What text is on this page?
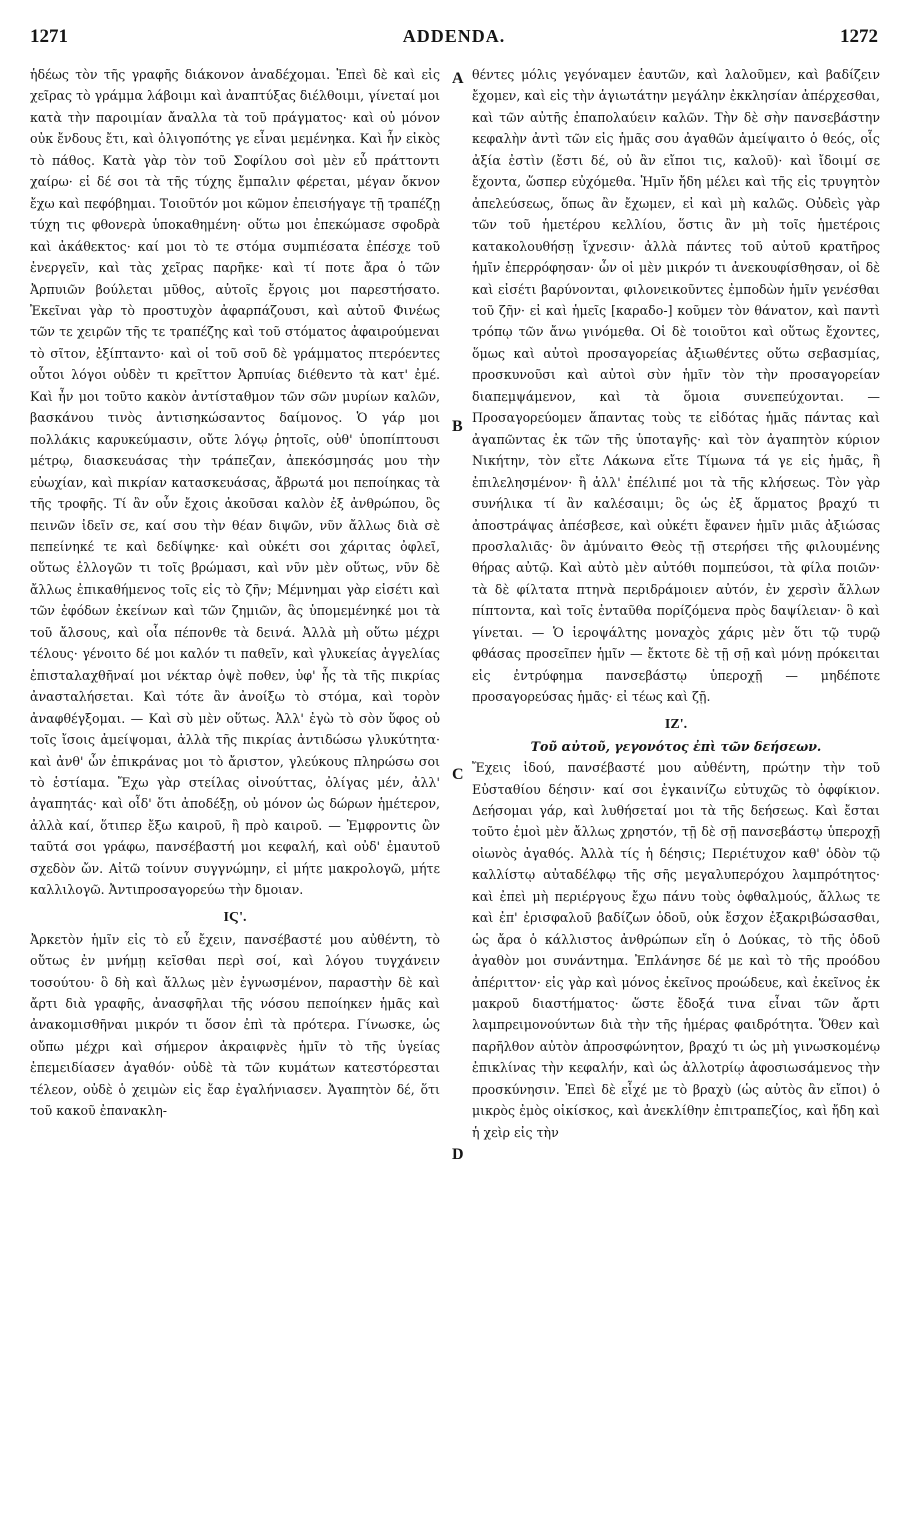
1271	ADDENDA.	1272

ἡδέως τὸν τῆς γραφῆς διάκονον ἀναδέχομαι. Ἐπεὶ δὲ καὶ εἰς χεῖρας τὸ γράμμα λάβοιμι καὶ ἀναπτύξας διέλθοιμι, γίνεταί μοι κατὰ τὴν παροιμίαν ἄναλλα τὰ τοῦ πράγματος· καὶ οὐ μόνον οὐκ ἔνδους ἔτι, καὶ ὀλιγοπότης γε εἶναι μεμένηκα. Καὶ ἦν εἰκὸς τὸ πάθος. Κατὰ γὰρ τὸν τοῦ Σοφίλου σοὶ μὲν εὖ πράττοντι χαίρω· εἰ δέ σοι τὰ τῆς τύχης ἔμπαλιν φέρεται, μέγαν ὄκνον ἔχω καὶ πεφόβημαι. Τοιοῦτόν μοι κῶμον ἐπεισήγαγε τῇ τραπέζῃ τύχη τις φθονερὰ ὑποκαθημένη· οὕτω μοι ἐπεκώμασε σφοδρὰ καὶ ἀκάθεκτος· καί μοι τὸ τε στόμα συμπιέσατα ἐπέσχε τοῦ ἐνεργεῖν, καὶ τὰς χεῖρας παρῆκε· καὶ τί ποτε ἄρα ὁ τῶν Ἀρπυιῶν βούλεται μῦθος, αὐτοῖς ἔργοις μοι παρεστήσατο. Ἐκεῖναι γὰρ τὸ προστυχὸν ἀφαρπάζουσι, καὶ αὐτοῦ Φινέως τῶν τε χειρῶν τῆς τε τραπέζης καὶ τοῦ στόματος ἀφαιρούμεναι τὸ σῖτον, ἐξίπταντο· καὶ οἱ τοῦ σοῦ δὲ γράμματος πτερόεντες οὗτοι λόγοι οὐδὲν τι κρεῖττον Ἀρπυίας διέθεντο τὰ κατ' ἐμέ. Καὶ ἦν μοι τοῦτο κακὸν ἀντίσταθμον τῶν σῶν μυρίων καλῶν, βασκάνου τινὸς ἀντισηκώσαντος δαίμονος. Ὁ γάρ μοι πολλάκις καρυκεύμασιν, οὔτε λόγῳ ῥητοῖς, οὐθ' ὑποπίπτουσι μέτρῳ, διασκευάσας τὴν τράπεζαν, ἀπεκόσμησάς μου τὴν εὐωχίαν, καὶ πικρίαν κατασκευάσας, ἄβρωτά μοι πεποίηκας τὰ τῆς τροφῆς. Τί ἂν οὖν ἔχοις ἀκοῦσαι καλὸν ἐξ ἀνθρώπου, ὃς πεινῶν ἰδεῖν σε, καί σου τὴν θέαν διψῶν, νῦν ἄλλως διὰ σὲ πεπείνηκέ τε καὶ δεδίψηκε· καὶ οὐκέτι σοι χάριτας ὀφλεῖ, οὕτως ἐλλογῶν τι τοῖς βρώμασι, καὶ νῦν μὲν οὕτως, νῦν δὲ ἄλλως ἐπικαθήμενος τοῖς εἰς τὸ ζῆν; Μέμνημαι γὰρ εἰσέτι καὶ τῶν ἐφόδων ἐκείνων καὶ τῶν ζημιῶν, ἃς ὑπομεμένηκέ μοι τὰ τοῦ ἄλσους, καὶ οἷα πέπονθε τὰ δεινά. Ἀλλὰ μὴ οὕτω μέχρι τέλους· γένοιτο δέ μοι καλόν τι παθεῖν, καὶ γλυκείας ἀγγελίας ἐπισταλαχθῆναί μοι νέκταρ ὀψὲ ποθεν, ὑφ' ἧς τὰ τῆς πικρίας ἀνασταλήσεται. Καὶ τότε ἂν ἀνοίξω τὸ στόμα, καὶ τορὸν ἀναφθέγξομαι. — Καὶ σὺ μὲν οὕτως. Ἀλλ' ἐγὼ τὸ σὸν ὕφος οὐ τοῖς ἴσοις ἀμείψομαι, ἀλλὰ τῆς πικρίας ἀντιδώσω γλυκύτητα· καὶ ἀνθ' ὧν ἐπικράνας μοι τὸ ἄριστον, γλεύκους πληρώσω σοι τὸ ἑστίαμα. Ἔχω γὰρ στείλας οἰνούττας, ὀλίγας μέν, ἀλλ' ἀγαπητάς· καὶ οἶδ' ὅτι ἀποδέξῃ, οὐ μόνον ὡς δώρων ἡμέτερον, ἀλλὰ καί, ὅτιπερ ἔξω καιροῦ, ἢ πρὸ καιροῦ. — Ἐμφροντις ὢν ταῦτά σοι γράφω, πανσέβαστή μοι κεφαλή, καὶ οὐδ' ἐμαυτοῦ σχεδὸν ὤν. Αἰτῶ τοίνυν συγγνώμην, εἰ μήτε μακρολογῶ, μήτε καλλιλογῶ. Ἀντιπροσαγορεύω τὴν δμοιαν.

ΙϚ'.

Ἀρκετὸν ἡμῖν εἰς τὸ εὖ ἔχειν, πανσέβαστέ μου αὐθέντη, τὸ οὕτως ἐν μνήμῃ κεῖσθαι περὶ σοί, καὶ λόγου τυγχάνειν τοσούτου· ὃ δὴ καὶ ἄλλως μὲν ἐγνωσμένον, παραστὴν δὲ καὶ ἄρτι διὰ γραφῆς, ἀνασφῆλαι τῆς νόσου πεποίηκεν ἡμᾶς καὶ ἀνακομισθῆναι μικρόν τι ὅσον ἐπὶ τὰ πρότερα. Γίνωσκε, ὡς οὔπω μέχρι καὶ σήμερον ἀκραιφνὲς ἡμῖν τὸ τῆς ὑγείας ἐπεμειδίασεν ἀγαθόν· οὐδὲ τὰ τῶν κυμάτων κατεστόρεσται τέλεον, οὐδὲ ὁ χειμὼν εἰς ἔαρ ἐγαλήνιασεν. Ἀγαπητὸν δέ, ὅτι τοῦ κακοῦ ἐπανακλη-

θέντες μόλις γεγόναμεν ἑαυτῶν, καὶ λαλοῦμεν, καὶ βαδίζειν ἔχομεν, καὶ εἰς τὴν ἁγιωτάτην μεγάλην ἐκκλησίαν ἀπέρχεσθαι, καὶ τῶν αὐτῆς ἐπαπολαύειν καλῶν. Τὴν δὲ σὴν πανσεβάστην κεφαλὴν ἀντὶ τῶν εἰς ἡμᾶς σου ἀγαθῶν ἀμείψαιτο ὁ θεός, οἷς ἀξία ἐστὶν (ἔστι δέ, οὐ ἂν εἴποι τις, καλοῦ)· καὶ ἴδοιμί σε ἔχοντα, ὥσπερ εὐχόμεθα. Ἡμῖν ἤδη μέλει καὶ τῆς εἰς τρυγητὸν ἀπελεύσεως, ὅπως ἂν ἔχωμεν, εἰ καὶ μὴ καλῶς. Οὐδεὶς γὰρ τῶν τοῦ ἡμετέρου κελλίου, ὅστις ἂν μὴ τοῖς ἡμετέροις κατακολουθήσῃ ἴχνεσιν· ἀλλὰ πάντες τοῦ αὐτοῦ κρατῆρος ἡμῖν ἐπερρόφησαν· ὧν οἱ μὲν μικρόν τι ἀνεκουφίσθησαν, οἱ δὲ καὶ εἰσέτι βαρύνονται, φιλονεικοῦντες ἐμποδὼν ἡμῖν γενέσθαι τοῦ ζῆν· εἰ καὶ ἡμεῖς [καραδο-] κοῦμεν τὸν θάνατον, καὶ παντὶ τρόπῳ τῶν ἄνω γινόμεθα. Οἱ δὲ τοιοῦτοι καὶ οὕτως ἔχοντες, ὅμως καὶ αὐτοὶ προσαγορείας ἀξιωθέντες οὕτω σεβασμίας, προσκυνοῦσι καὶ αὐτοὶ σὺν ἡμῖν τὸν τὴν προσαγορείαν διαπεμψάμενον, καὶ τὰ ὅμοια συνεπεύχονται. — Προσαγορεύομεν ἅπαντας τοὺς τε εἰδότας ἡμᾶς πάντας καὶ ἀγαπῶντας ἐκ τῶν τῆς ὑποταγῆς· καὶ τὸν ἀγαπητὸν κύριον Νικήτην, τὸν εἴτε Λάκωνα εἴτε Τίμωνα τά γε εἰς ἡμᾶς, ἢ ἐπιλελησμένον· ἢ ἀλλ' ἐπέλιπέ μοι τὰ τῆς κλήσεως. Τὸν γὰρ συνήλικα τί ἂν καλέσαιμι; ὃς ὡς ἐξ ἅρματος βραχύ τι ἀποστράψας ἀπέσβεσε, καὶ οὐκέτι ἔφανεν ἡμῖν μιᾶς ἀξιώσας προσλαλιᾶς· ὃν ἀμύναιτο Θεὸς τῇ στερήσει τῆς φιλουμένης θήρας αὐτῷ. Καὶ αὐτὸ μὲν αὐτόθι πομπεύσοι, τὰ φίλα ποιῶν· τὰ δὲ φίλτατα πτηνὰ περιδράμοιεν αὐτόν, ἐν χερσὶν ἄλλων πίπτοντα, καὶ τοῖς ἐνταῦθα πορίζόμενα πρὸς δαψίλειαν· ὃ καὶ γίνεται. — Ὁ ἱεροψάλτης μοναχὸς χάρις μὲν ὅτι τῷ τυρῷ φθάσας προσεῖπεν ἡμῖν — ἔκτοτε δὲ τῇ σῇ καὶ μόνῃ πρόκειται εἰς ἐντρύφημα πανσεβάστῳ ὑπεροχῇ — μηδέποτε προσαγορεύσας ἡμᾶς· εἰ τέως καὶ ζῇ.

ΙΖ'.

Τοῦ αὐτοῦ, γεγονότος ἐπὶ τῶν δεήσεων.

Ἔχεις ἰδού, πανσέβαστέ μου αὐθέντη, πρώτην τὴν τοῦ Εὐσταθίου δέησιν· καί σοι ἐγκαινίζω εὐτυχῶς τὸ ὀφφίκιον. Δεήσομαι γάρ, καὶ λυθήσεταί μοι τὰ τῆς δεήσεως. Καὶ ἔσται τοῦτο ἐμοὶ μὲν ἄλλως χρηστόν, τῇ δὲ σῇ πανσεβάστῳ ὑπεροχῇ οἰωνὸς ἀγαθός. Ἀλλὰ τίς ἡ δέησις; Περιέτυχον καθ' ὁδὸν τῷ καλλίστῳ αὐταδέλφῳ τῆς σῆς μεγαλυπερόχου λαμπρότητος· καὶ ἐπεὶ μὴ περιέργους ἔχω πάνυ τοὺς ὀφθαλμούς, ἄλλως τε καὶ ἐπ' ἐρισφαλοῦ βαδίζων ὁδοῦ, οὐκ ἔσχον ἐξακριβώσασθαι, ὡς ἄρα ὁ κάλλιστος ἀνθρώπων εἴη ὁ Δούκας, τὸ τῆς ὁδοῦ ἀγαθὸν μοι συνάντημα. Ἐπλάνησε δέ με καὶ τὸ τῆς προόδου ἀπέριττον· εἰς γὰρ καὶ μόνος ἐκεῖνος προώδευε, καὶ ἐκεῖνος ἐκ μακροῦ διαστήματος· ὥστε ἔδοξά τινα εἶναι τῶν ἄρτι λαμπρειμονούντων διὰ τὴν τῆς ἡμέρας φαιδρότητα. Ὅθεν καὶ παρῆλθον αὐτὸν ἀπροσφώνητον, βραχύ τι ὡς μὴ γινωσκομένῳ ἐπικλίνας τὴν κεφαλήν, καὶ ὡς ἀλλοτρίῳ ἀφοσιωσάμενος τὴν προσκύνησιν. Ἐπεὶ δὲ εἶχέ με τὸ βραχὺ (ὡς αὐτὸς ἂν εἴποι) ὁ μικρὸς ἐμὸς οἰκίσκος, καὶ ἀνεκλίθην ἐπιτραπεζίος, καὶ ἤδη καὶ ἡ χεὶρ εἰς τὴν

A
B
C
D
